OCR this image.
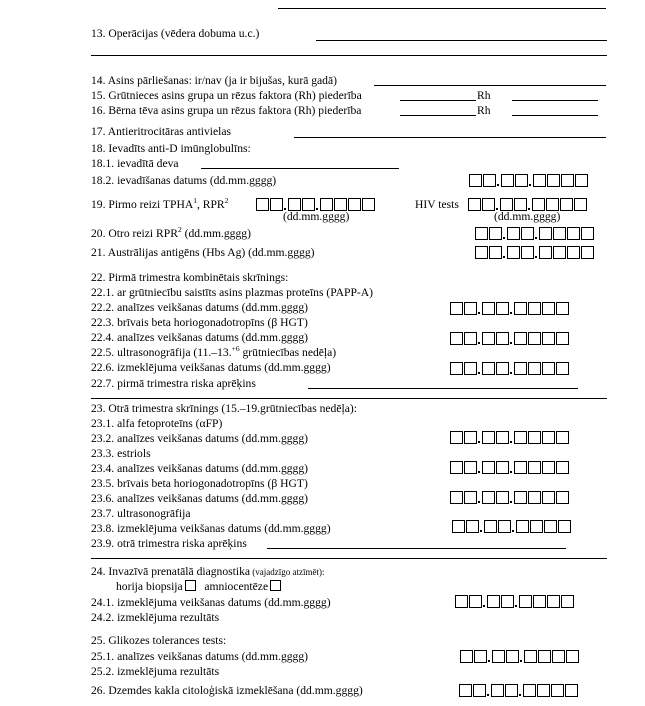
13. Operācijas (vēdera dobuma u.c.)
14. Asins pārliešanas: ir/nav (ja ir bijušas, kurā gadā)
15. Grūtnieces asins grupa un rēzus faktora (Rh) piederība	Rh
16. Bērna tēva asins grupa un rēzus faktora (Rh) piederība	Rh
17. Antieritrocitāras antivielas
18. Ievadīts anti-D imūnglobulīns:
18.1. ievadītā deva
18.2. ievadīšanas datums (dd.mm.gggg)
19. Pirmo reizi TPHA$^1$, RPR$^2$
(dd.mm.gggg)
HIV tests
(dd.mm.gggg)
20. Otro reizi RPR$^2$ (dd.mm.gggg)
21. Austrālijas antigēns (Hbs Ag) (dd.mm.gggg)
22. Pirmā trimestra kombinētais skrīnings:
22.1. ar grūtniecību saistīts asins plazmas proteīns (PAPP-A)
22.2. analīzes veikšanas datums (dd.mm.gggg)
22.3. brīvais beta horiogonadotropīns (β HGT)
22.4. analīzes veikšanas datums (dd.mm.gggg)
22.5. ultrasonogrāfija (11.–13.$^{+6}$ grūtniecības nedēļa)
22.6. izmeklējuma veikšanas datums (dd.mm.gggg)
22.7. pirmā trimestra riska aprēķins
23. Otrā trimestra skrīnings (15.–19.grūtniecības nedēļa):
23.1. alfa fetoproteīns (αFP)
23.2. analīzes veikšanas datums (dd.mm.gggg)
23.3. estriols
23.4. analīzes veikšanas datums (dd.mm.gggg)
23.5. brīvais beta horiogonadotropīns (β HGT)
23.6. analīzes veikšanas datums (dd.mm.gggg)
23.7. ultrasonogrāfija
23.8. izmeklējuma veikšanas datums (dd.mm.gggg)
23.9. otrā trimestra riska aprēķins
24. Invazīvā prenatālā diagnostika (vajadzīgo atzīmēt):
horija biopsija amniocentēze
24.1. izmeklējuma veikšanas datums (dd.mm.gggg)
24.2. izmeklējuma rezultāts
25. Glikozes tolerances tests:
25.1. analīzes veikšanas datums (dd.mm.gggg)
25.2. izmeklējuma rezultāts
26. Dzemdes kakla citoloģiskā izmeklēšana (dd.mm.gggg)
